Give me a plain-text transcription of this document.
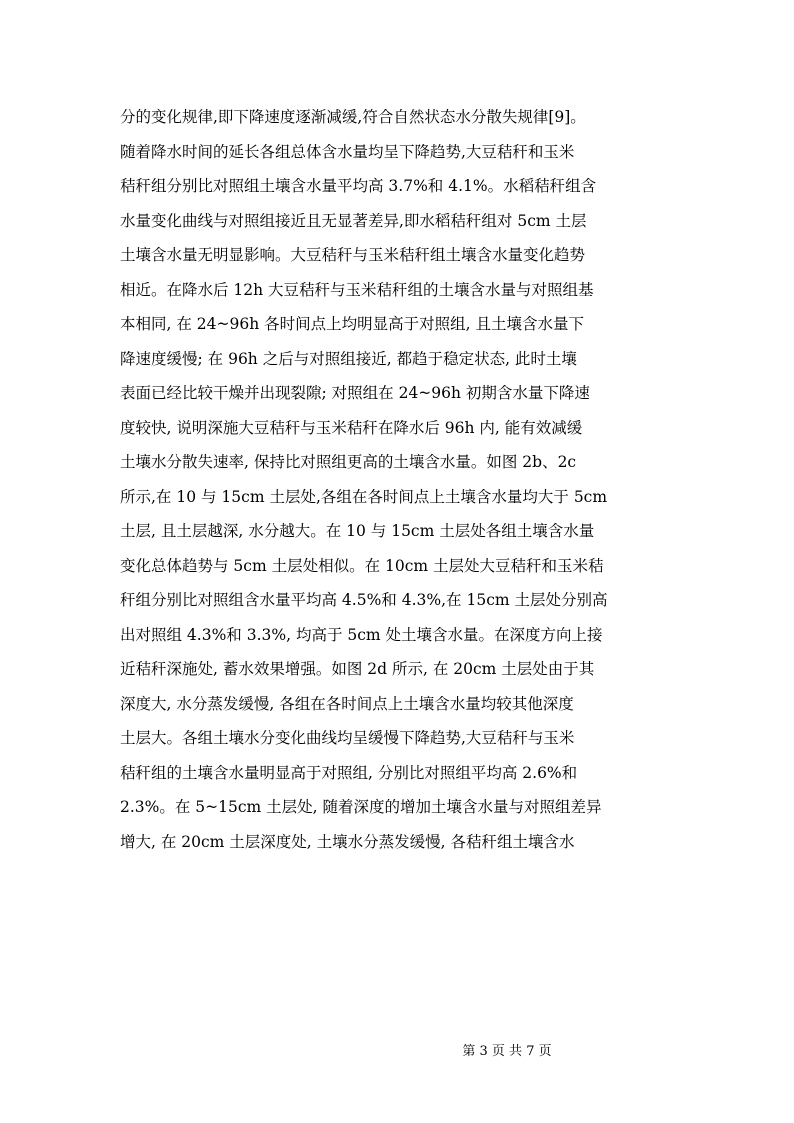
分的变化规律,即下降速度逐渐减缓,符合自然状态水分散失规律[9]。
随着降水时间的延长各组总体含水量均呈下降趋势,大豆秸秆和玉米
秸秆组分别比对照组土壤含水量平均高 3.7%和 4.1%。水稻秸秆组含
水量变化曲线与对照组接近且无显著差异,即水稻秸秆组对 5cm 土层
土壤含水量无明显影响。大豆秸秆与玉米秸秆组土壤含水量变化趋势
相近。在降水后 12h 大豆秸秆与玉米秸秆组的土壤含水量与对照组基
本相同, 在 24~96h 各时间点上均明显高于对照组, 且土壤含水量下
降速度缓慢; 在 96h 之后与对照组接近, 都趋于稳定状态, 此时土壤
表面已经比较干燥并出现裂隙; 对照组在 24~96h 初期含水量下降速
度较快, 说明深施大豆秸秆与玉米秸秆在降水后 96h 内, 能有效减缓
土壤水分散失速率, 保持比对照组更高的土壤含水量。如图 2b、2c
所示,在 10 与 15cm 土层处,各组在各时间点上土壤含水量均大于 5cm
土层, 且土层越深, 水分越大。在 10 与 15cm 土层处各组土壤含水量
变化总体趋势与 5cm 土层处相似。在 10cm 土层处大豆秸秆和玉米秸
秆组分别比对照组含水量平均高 4.5%和 4.3%,在 15cm 土层处分别高
出对照组 4.3%和 3.3%, 均高于 5cm 处土壤含水量。在深度方向上接
近秸秆深施处, 蓄水效果增强。如图 2d 所示, 在 20cm 土层处由于其
深度大, 水分蒸发缓慢, 各组在各时间点上土壤含水量均较其他深度
土层大。各组土壤水分变化曲线均呈缓慢下降趋势,大豆秸秆与玉米
秸秆组的土壤含水量明显高于对照组, 分别比对照组平均高 2.6%和
2.3%。在 5~15cm 土层处, 随着深度的增加土壤含水量与对照组差异
增大, 在 20cm 土层深度处, 土壤水分蒸发缓慢, 各秸秆组土壤含水
第 3 页 共 7 页
